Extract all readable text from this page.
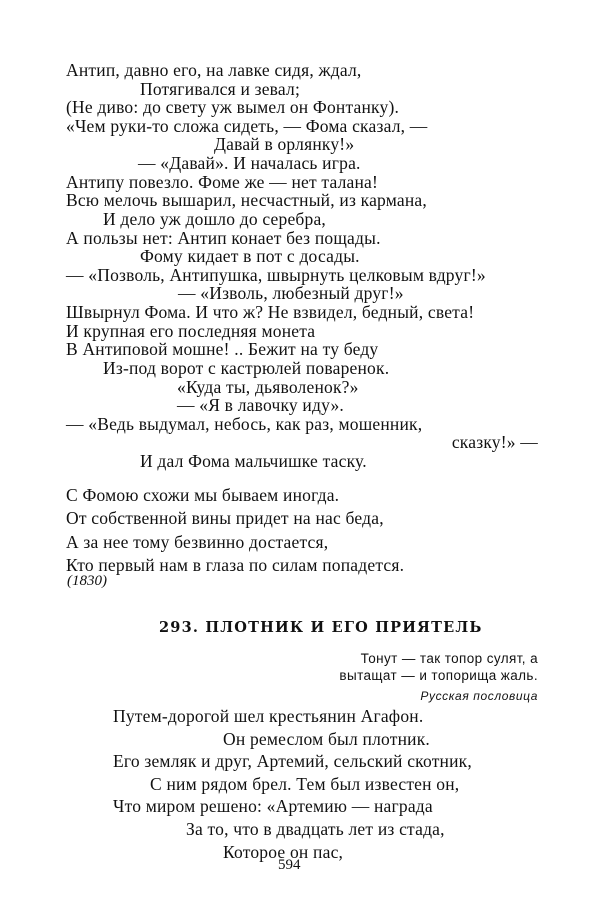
Антип, давно его, на лавке сидя, ждал,
Потягивался и зевал;
(Не диво: до свету уж вымел он Фонтанку).
«Чем руки-то сложа сидеть, — Фома сказал, —
Давай в орлянку!»
— «Давай». И началась игра.
Антипу повезло. Фоме же — нет талана!
Всю мелочь вышарил, несчастный, из кармана,
И дело уж дошло до серебра,
А пользы нет: Антип конает без пощады.
Фому кидает в пот с досады.
— «Позволь, Антипушка, швырнуть целковым вдруг!»
— «Изволь, любезный друг!»
Швырнул Фома. И что ж? Не взвидел, бедный, света!
И крупная его последняя монета
В Антиповой мошне! .. Бежит на ту беду
Из-под ворот с кастрюлей поваренок.
«Куда ты, дьяволенок?»
— «Я в лавочку иду».
— «Ведь выдумал, небось, как раз, мошенник,
И дал Фома мальчишке таску.
сказку!» —
С Фомою схожи мы бываем иногда.
От собственной вины придет на нас беда,
А за нее тому безвинно достается,
Кто первый нам в глаза по силам попадется.
(1830)
293. ПЛОТНИК И ЕГО ПРИЯТЕЛЬ
Тонут — так топор сулят, а
вытащат — и топорища жаль.
Русская пословица
Путем-дорогой шел крестьянин Агафон.
Он ремеслом был плотник.
Его земляк и друг, Артемий, сельский скотник,
С ним рядом брел. Тем был известен он,
Что миром решено: «Артемию — награда
За то, что в двадцать лет из стада,
Которое он пас,
594
